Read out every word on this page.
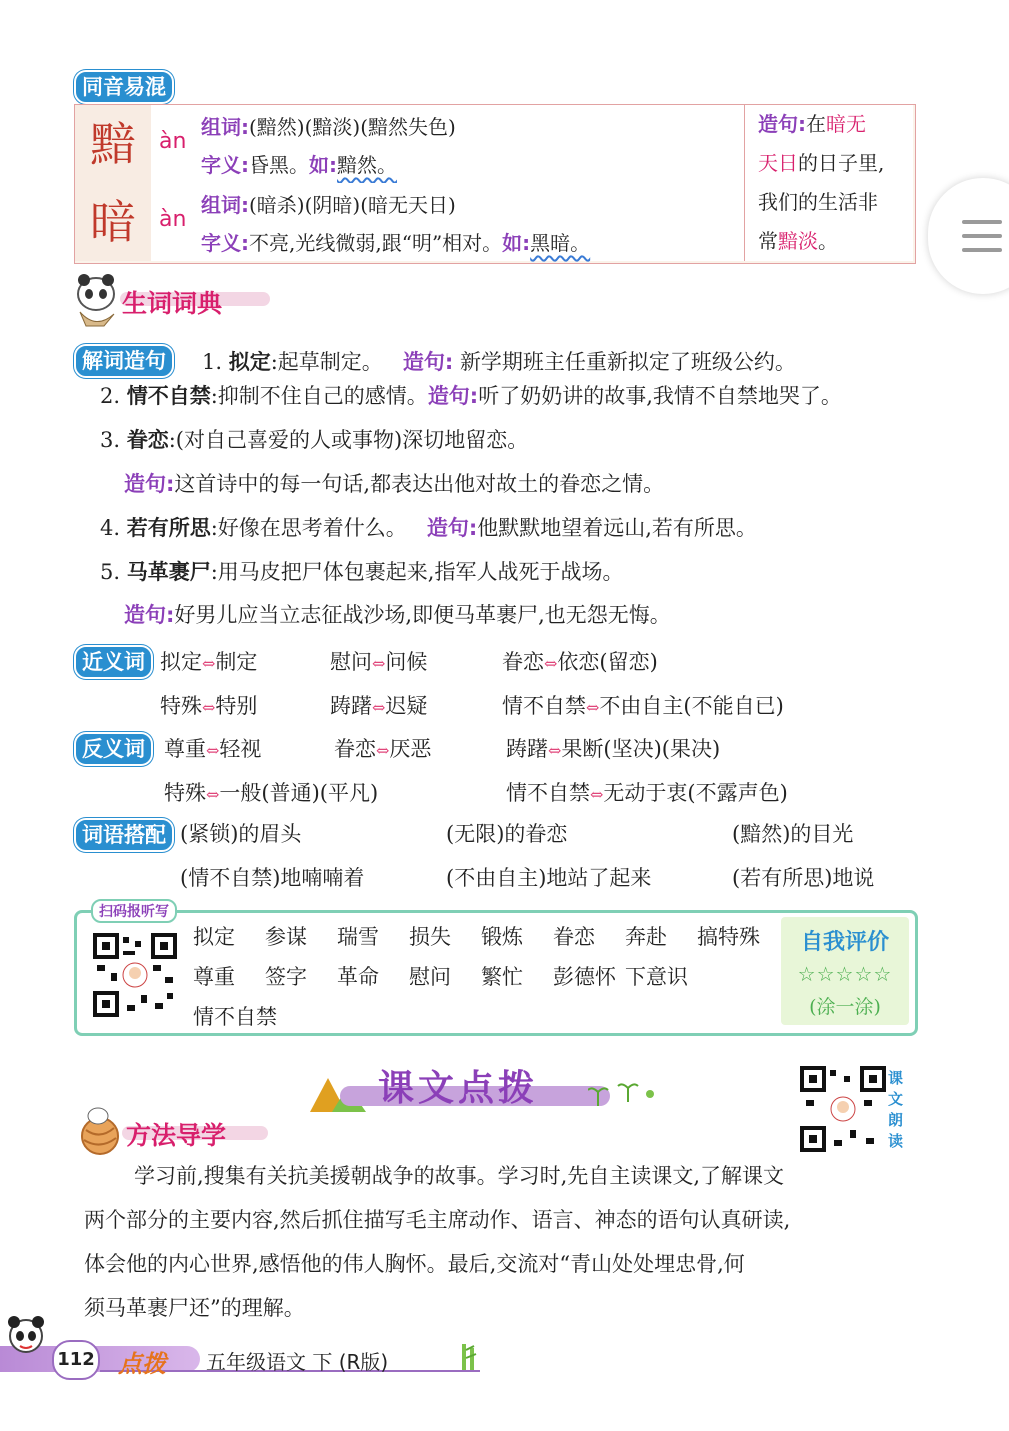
同音易混
黯	àn
组词:(黯然)(黯淡)(黯然失色)
字义:昏黑。如:黯然。
暗	àn
组词:(暗杀)(阴暗)(暗无天日)
字义:不亮,光线微弱,跟“明”相对。如:黑暗。
造句:在暗无
天日的日子里,
我们的生活非
常黯淡。
生词词典
解词造句	1. 拟定:起草制定。 造句: 新学期班主任重新拟定了班级公约。
2. 情不自禁:抑制不住自己的感情。造句:听了奶奶讲的故事,我情不自禁地哭了。
3. 眷恋:(对自己喜爱的人或事物)深切地留恋。
造句:这首诗中的每一句话,都表达出他对故土的眷恋之情。
4. 若有所思:好像在思考着什么。 造句:他默默地望着远山,若有所思。
5. 马革裹尸:用马皮把尸体包裹起来,指军人战死于战场。
造句:好男儿应当立志征战沙场,即便马革裹尸,也无怨无悔。
近义词 拟定⇔制定	慰问⇔问候	眷恋⇔依恋(留恋)
特殊⇔特别	踌躇⇔迟疑	情不自禁⇔不由自主(不能自已)
反义词 尊重⇔轻视	眷恋⇔厌恶	踌躇⇔果断(坚决)(果决)
特殊⇔一般(普通)(平凡)	情不自禁⇔无动于衷(不露声色)
词语搭配 (紧锁)的眉头	(无限)的眷恋	(黯然)的目光
(情不自禁)地喃喃着	(不由自主)地站了起来	(若有所思)地说
扫码报听写
拟定 参谋 瑞雪 损失 锻炼 眷恋 奔赴 搞特殊
尊重 签字 革命 慰问 繁忙 彭德怀 下意识
情不自禁
自我评价
☆☆☆☆☆
(涂一涂)
课文点拨	课文朗读
方法导学
学习前,搜集有关抗美援朝战争的故事。学习时,先自主读课文,了解课文
两个部分的主要内容,然后抓住描写毛主席动作、语言、神态的语句认真研读,
体会他的内心世界,感悟他的伟人胸怀。最后,交流对“青山处处埋忠骨,何
须马革裹尸还”的理解。
112 点拨 五年级语文 下 (R版)
